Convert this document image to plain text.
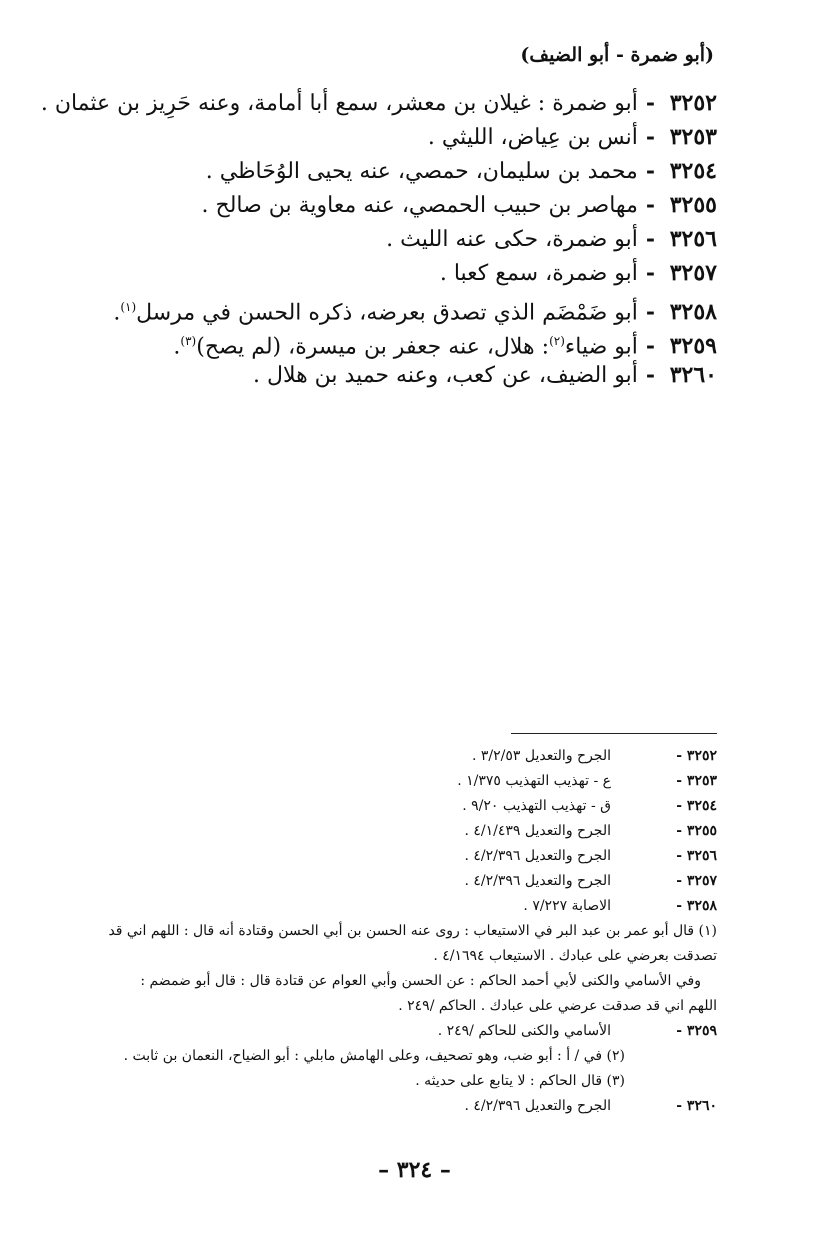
(أبو ضمرة - أبو الضيف)
٣٢٥٢-أبو ضمرة : غيلان بن معشر، سمع أبا أمامة، وعنه حَرِيز بن عثمان .
٣٢٥٣-أنس بن عِياض، الليثي .
٣٢٥٤-محمد بن سليمان، حمصي، عنه يحيى الوُحَاظي .
٣٢٥٥-مهاصر بن حبيب الحمصي، عنه معاوية بن صالح .
٣٢٥٦-أبو ضمرة، حكى عنه الليث .
٣٢٥٧-أبو ضمرة، سمع كعبا .
٣٢٥٨-أبو ضَمْضَم الذي تصدق بعرضه، ذكره الحسن في مرسل$^{(١)}$.
٣٢٥٩-أبو ضياء$^{(٢)}$: هلال، عنه جعفر بن ميسرة، (لم يصح)$^{(٣)}$.
٣٢٦٠-أبو الضيف، عن كعب، وعنه حميد بن هلال .
٣٢٥٢ -
الجرح والتعديل ٣/٢/٥٣ .
٣٢٥٣ -
ع - تهذيب التهذيب ١/٣٧٥ .
٣٢٥٤ -
ق - تهذيب التهذيب ٩/٢٠ .
٣٢٥٥ -
الجرح والتعديل ٤/١/٤٣٩ .
٣٢٥٦ -
الجرح والتعديل ٤/٢/٣٩٦ .
٣٢٥٧ -
الجرح والتعديل ٤/٢/٣٩٦ .
٣٢٥٨ -
الاصابة ٧/٢٢٧ .
(١) قال أبو عمر بن عبد البر في الاستيعاب : روى عنه الحسن بن أبي الحسن وقتادة أنه قال : اللهم اني قد
تصدقت بعرضي على عبادك . الاستيعاب ٤/١٦٩٤ .
وفي الأسامي والكنى لأبي أحمد الحاكم : عن الحسن وأبي العوام عن قتادة قال : قال أبو ضمضم :
اللهم اني قد صدقت عرضي على عبادك . الحاكم /٢٤٩ .
٣٢٥٩ -
الأسامي والكنى للحاكم /٢٤٩ .
(٢) في / أ : أبو ضب، وهو تصحيف، وعلى الهامش مابلي : أبو الضياح، النعمان بن ثابت .
(٣) قال الحاكم : لا يتابع على حديثه .
٣٢٦٠ -
الجرح والتعديل ٤/٢/٣٩٦ .
– ٣٢٤ –
